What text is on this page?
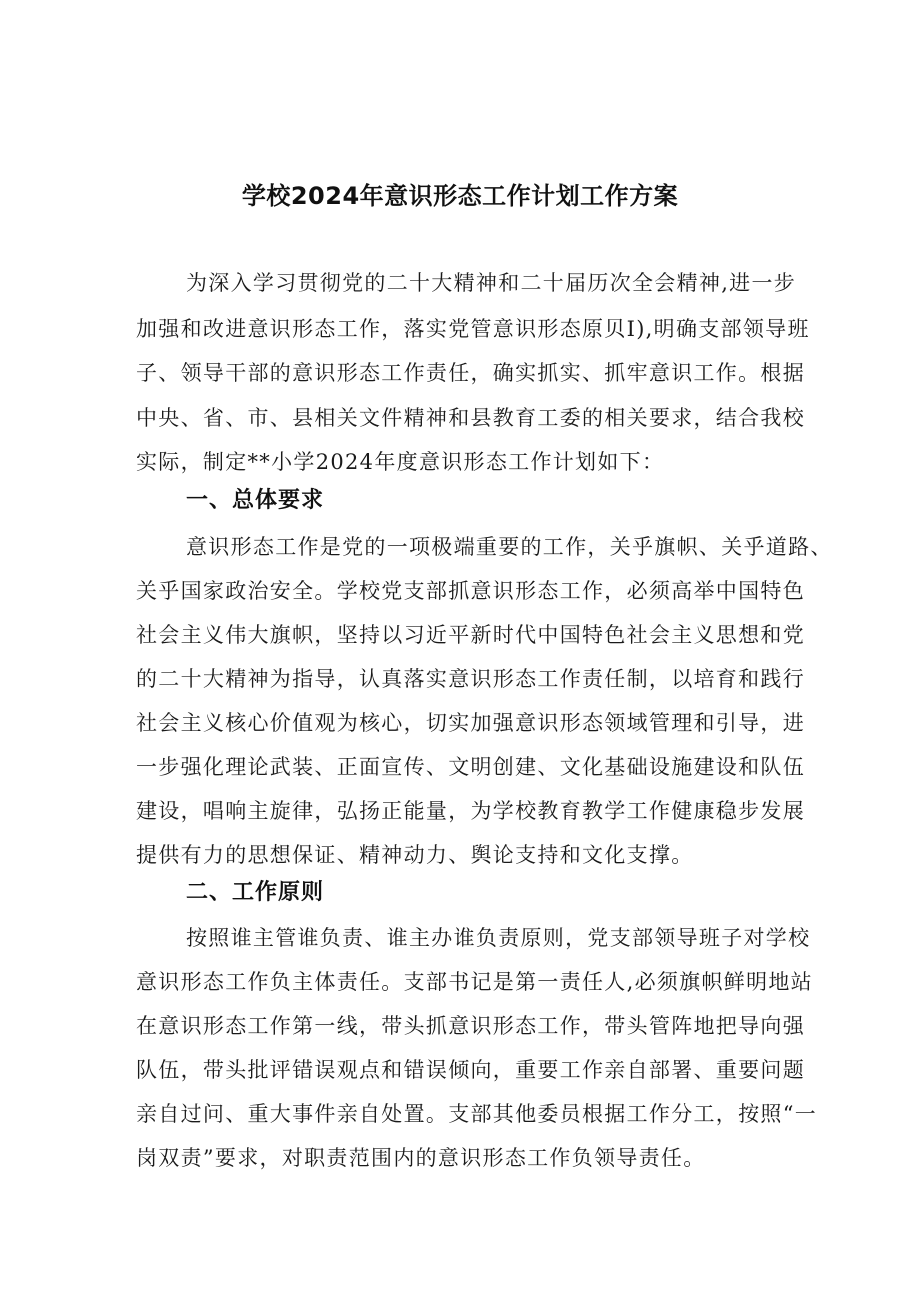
学校2024年意识形态工作计划工作方案
为深入学习贯彻党的二十大精神和二十届历次全会精神,进一步
加强和改进意识形态工作，落实党管意识形态原贝I),明确支部领导班
子、领导干部的意识形态工作责任，确实抓实、抓牢意识工作。根据
中央、省、市、县相关文件精神和县教育工委的相关要求，结合我校
实际，制定**小学2024年度意识形态工作计划如下：
一、总体要求
意识形态工作是党的一项极端重要的工作，关乎旗帜、关乎道路、
关乎国家政治安全。学校党支部抓意识形态工作，必须高举中国特色
社会主义伟大旗帜，坚持以习近平新时代中国特色社会主义思想和党
的二十大精神为指导，认真落实意识形态工作责任制，以培育和践行
社会主义核心价值观为核心，切实加强意识形态领域管理和引导，进
一步强化理论武装、正面宣传、文明创建、文化基础设施建设和队伍
建设，唱响主旋律，弘扬正能量，为学校教育教学工作健康稳步发展
提供有力的思想保证、精神动力、舆论支持和文化支撑。
二、工作原则
按照谁主管谁负责、谁主办谁负责原则，党支部领导班子对学校
意识形态工作负主体责任。支部书记是第一责任人,必须旗帜鲜明地站
在意识形态工作第一线，带头抓意识形态工作，带头管阵地把导向强
队伍，带头批评错误观点和错误倾向，重要工作亲自部署、重要问题
亲自过问、重大事件亲自处置。支部其他委员根据工作分工，按照“一
岗双责”要求，对职责范围内的意识形态工作负领导责任。
